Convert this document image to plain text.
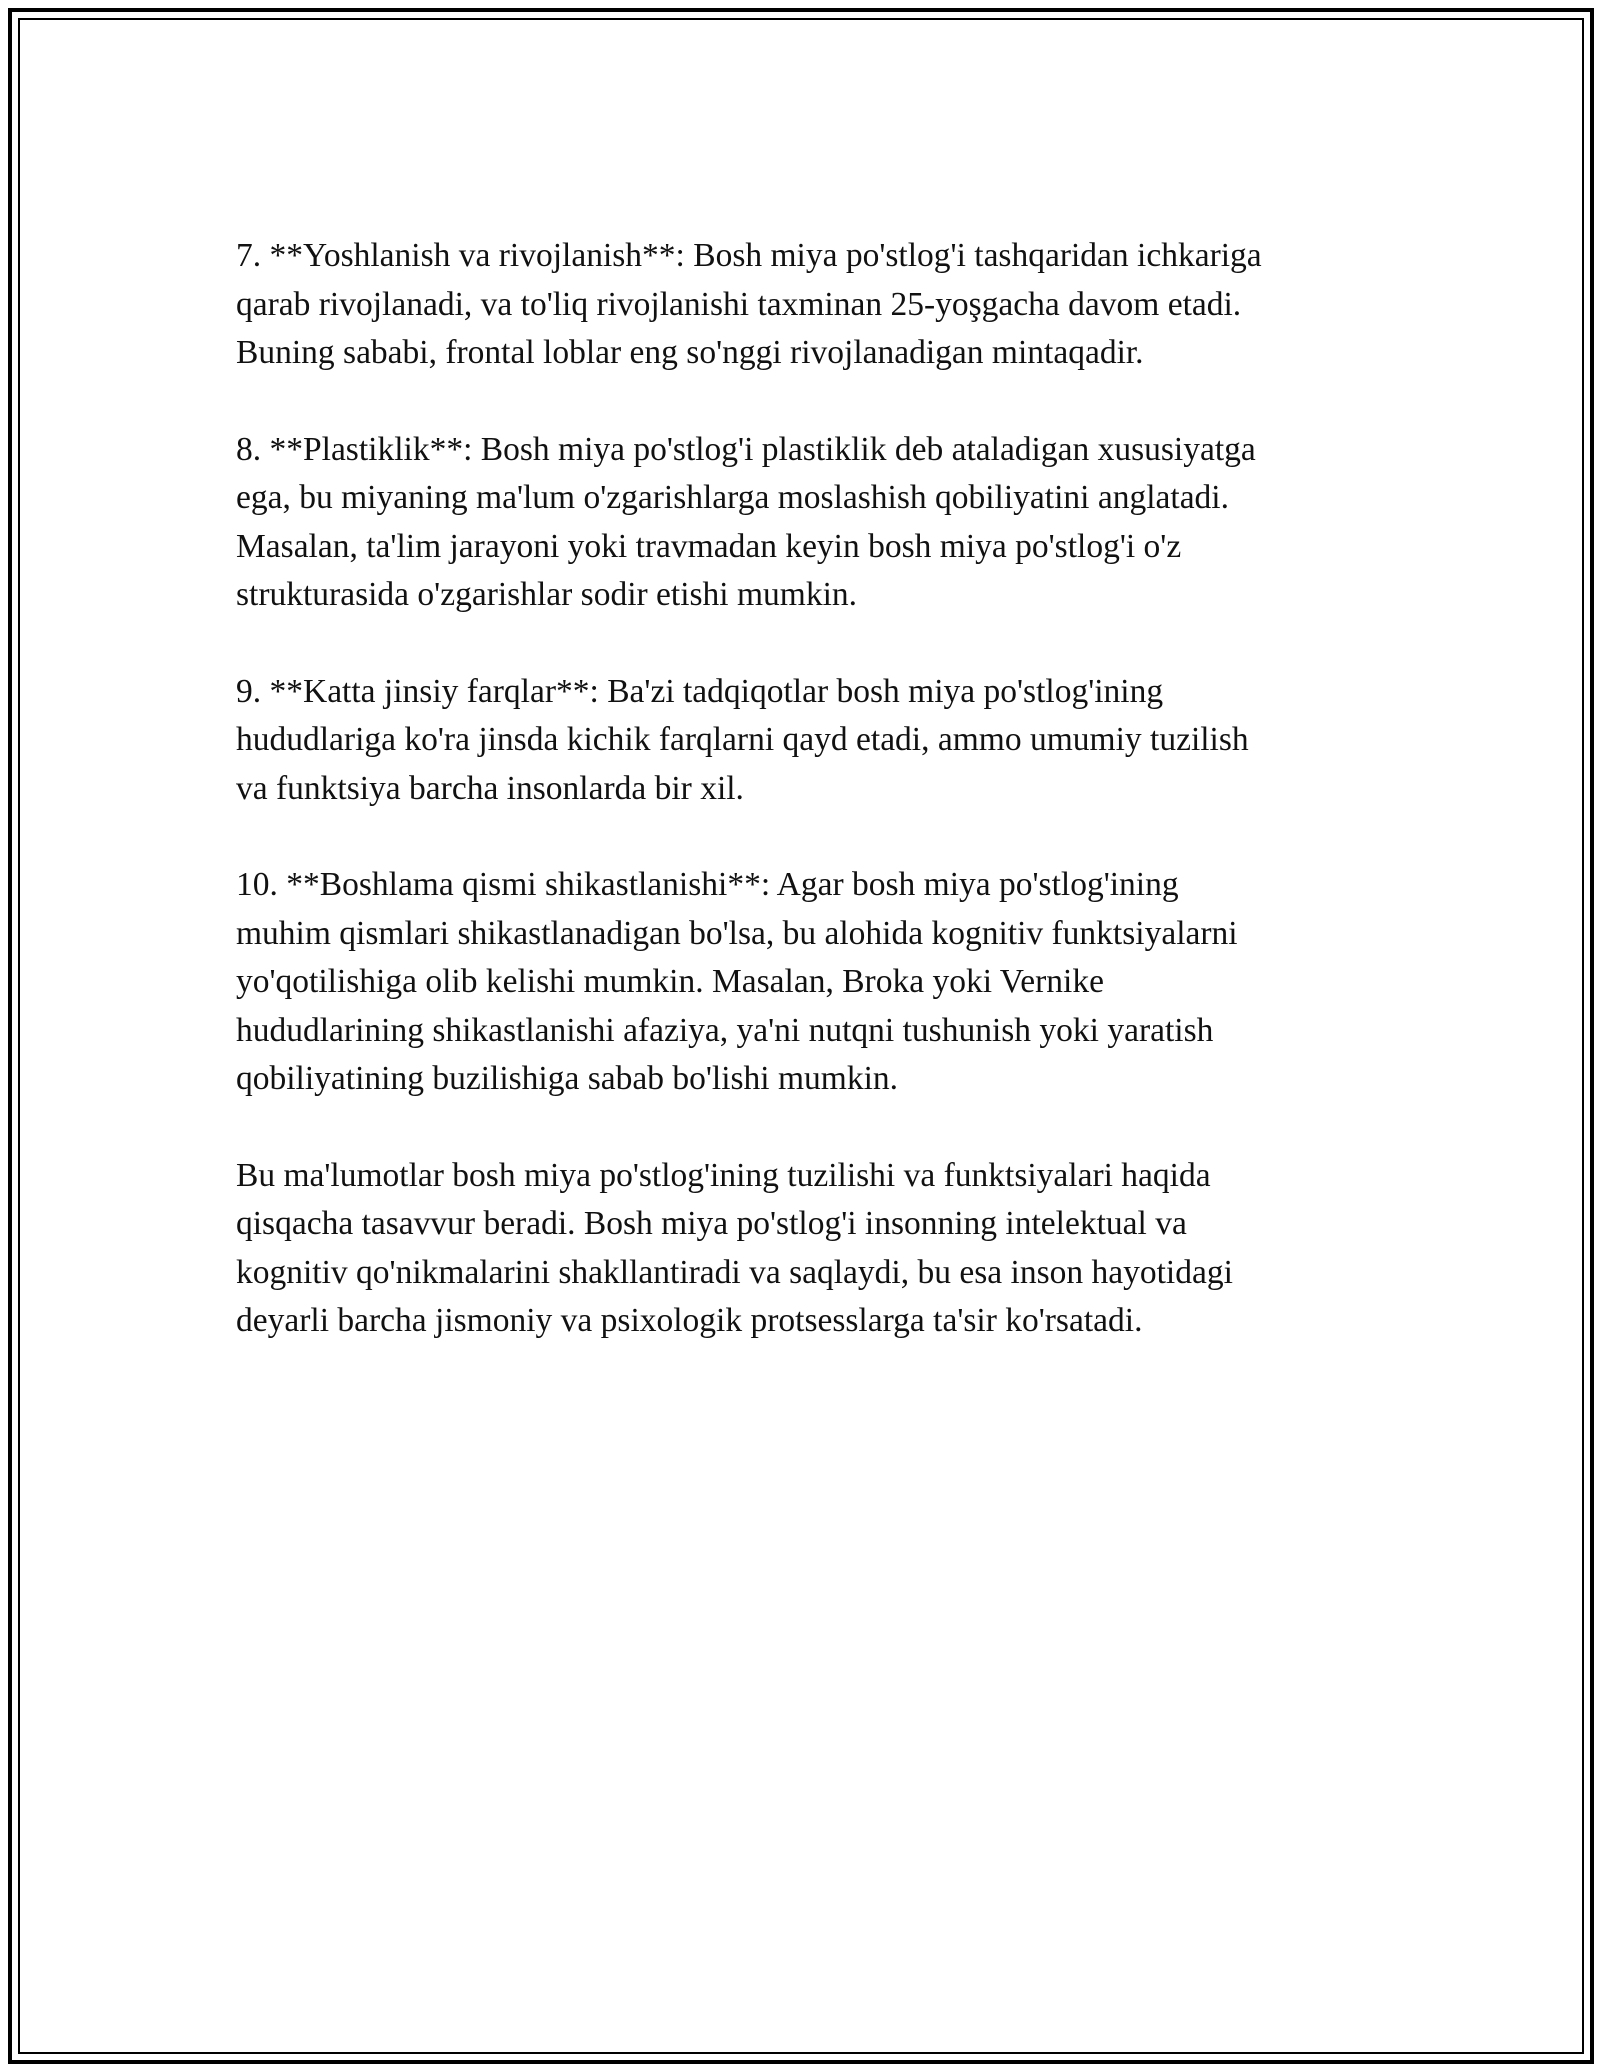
7. **Yoshlanish va rivojlanish**: Bosh miya po'stlog'i tashqaridan ichkariga
qarab rivojlanadi, va to'liq rivojlanishi taxminan 25-yoşgacha davom etadi.
Buning sababi, frontal loblar eng so'nggi rivojlanadigan mintaqadir.

8. **Plastiklik**: Bosh miya po'stlog'i plastiklik deb ataladigan xususiyatga
ega, bu miyaning ma'lum o'zgarishlarga moslashish qobiliyatini anglatadi.
Masalan, ta'lim jarayoni yoki travmadan keyin bosh miya po'stlog'i o'z
strukturasida o'zgarishlar sodir etishi mumkin.

9. **Katta jinsiy farqlar**: Ba'zi tadqiqotlar bosh miya po'stlog'ining
hududlariga ko'ra jinsda kichik farqlarni qayd etadi, ammo umumiy tuzilish
va funktsiya barcha insonlarda bir xil.

10. **Boshlama qismi shikastlanishi**: Agar bosh miya po'stlog'ining
muhim qismlari shikastlanadigan bo'lsa, bu alohida kognitiv funktsiyalarni
yo'qotilishiga olib kelishi mumkin. Masalan, Broka yoki Vernike
hududlarining shikastlanishi afaziya, ya'ni nutqni tushunish yoki yaratish
qobiliyatining buzilishiga sabab bo'lishi mumkin.

Bu ma'lumotlar bosh miya po'stlog'ining tuzilishi va funktsiyalari haqida
qisqacha tasavvur beradi. Bosh miya po'stlog'i insonning intelektual va
kognitiv qo'nikmalarini shakllantiradi va saqlaydi, bu esa inson hayotidagi
deyarli barcha jismoniy va psixologik protsesslarga ta'sir ko'rsatadi.
